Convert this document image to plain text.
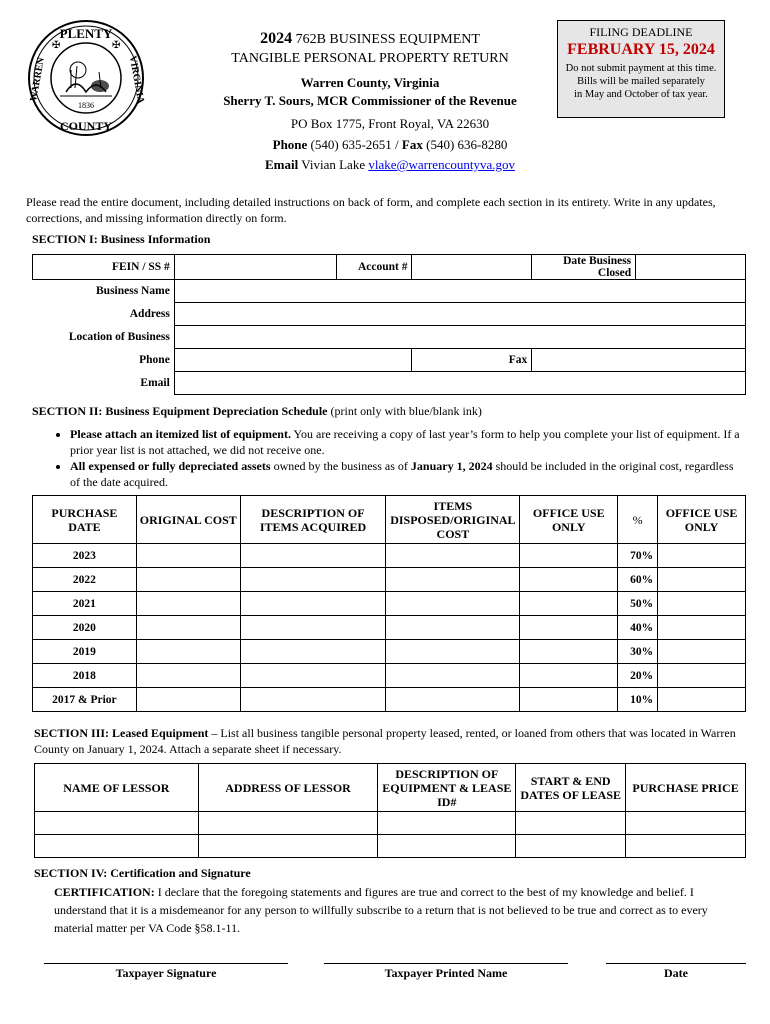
PLENTY
COUNTY
WARREN	VIRGINIA
1836
✠	✠	2024 762B BUSINESS EQUIPMENT
TANGIBLE PERSONAL PROPERTY RETURN
Warren County, Virginia
Sherry T. Sours, MCR Commissioner of the Revenue
PO Box 1775, Front Royal, VA 22630
Phone (540) 635-2651 / Fax (540) 636-8280
Email Vivian Lake vlake@warrencountyva.gov
FILING DEADLINE
FEBRUARY 15, 2024
Do not submit payment at this time.
Bills will be mailed separately
in May and October of tax year.
Please read the entire document, including detailed instructions on back of form, and complete each section in its entirety. Write in any updates, corrections, and missing information directly on form.
SECTION I: Business Information
FEIN / SS #		Account #		Date Business Closed	
Business Name					
Address					
Location of Business					
Phone			Fax		
Email					
SECTION II: Business Equipment Depreciation Schedule (print only with blue/blank ink)
• Please attach an itemized list of equipment. You are receiving a copy of last year’s form to help you complete your list of equipment. If a prior year list is not attached, we did not receive one.
• All expensed or fully depreciated assets owned by the business as of January 1, 2024 should be included in the original cost, regardless of the date acquired.
PURCHASE DATE	ORIGINAL COST	DESCRIPTION OF ITEMS ACQUIRED	ITEMS DISPOSED/ORIGINAL COST	OFFICE USE ONLY	%	OFFICE USE ONLY
2023					70%	
2022					60%	
2021					50%	
2020					40%	
2019					30%	
2018					20%	
2017 & Prior					10%	
SECTION III: Leased Equipment – List all business tangible personal property leased, rented, or loaned from others that was located in Warren County on January 1, 2024. Attach a separate sheet if necessary.
NAME OF LESSOR	ADDRESS OF LESSOR	DESCRIPTION OF EQUIPMENT & LEASE ID#	START & END DATES OF LEASE	PURCHASE PRICE

SECTION IV: Certification and Signature
CERTIFICATION: I declare that the foregoing statements and figures are true and correct to the best of my knowledge and belief. I understand that it is a misdemeanor for any person to willfully subscribe to a return that is not believed to be true and correct as to every material matter per VA Code §58.1-11.
Taxpayer Signature	Taxpayer Printed Name	Date
